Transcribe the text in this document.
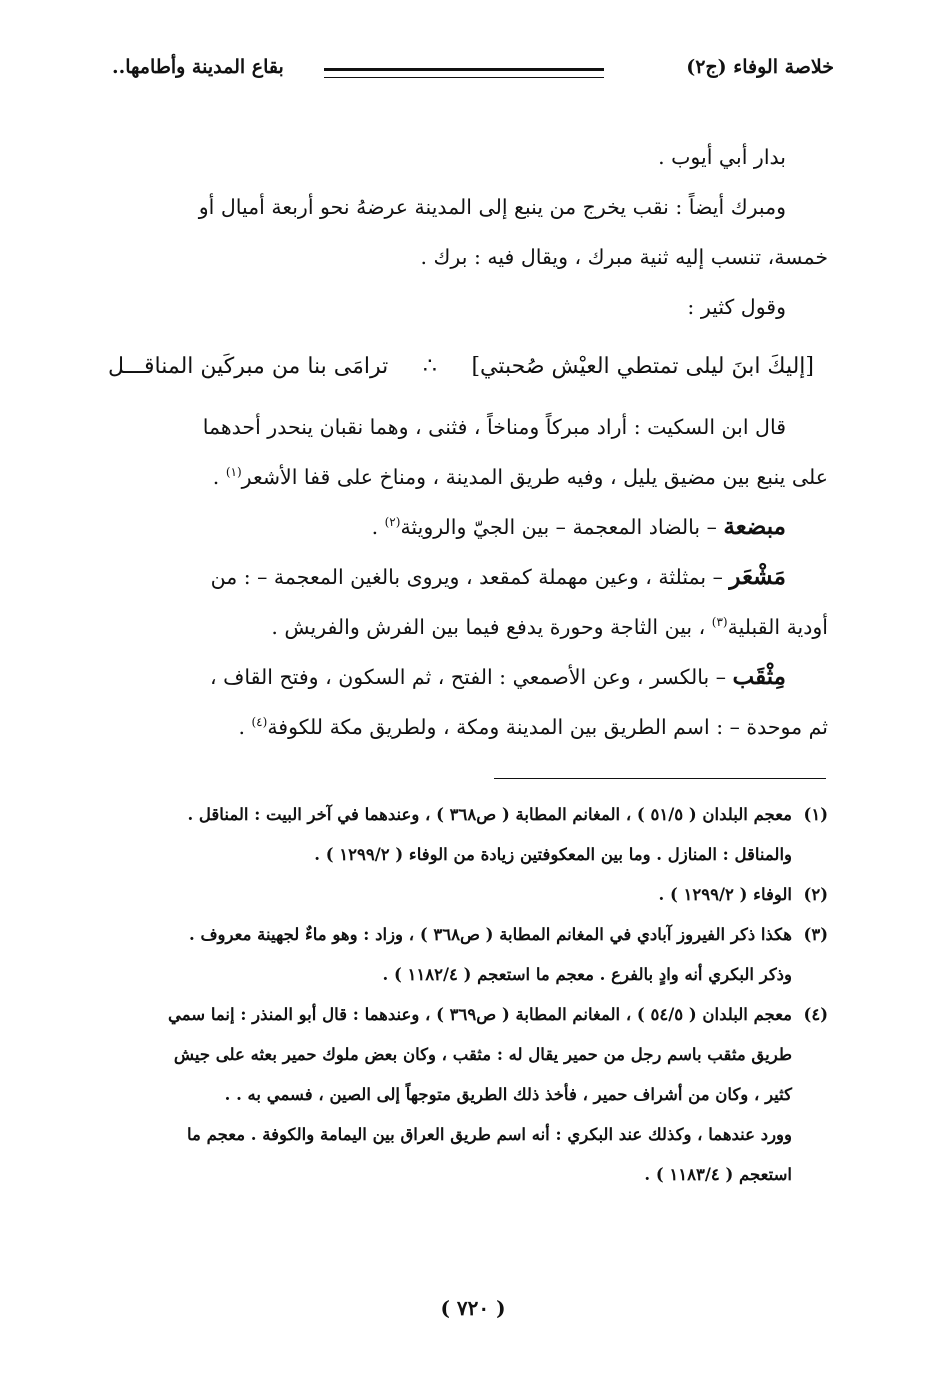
خلاصة الوفاء (ج٢)
بقاع المدينة وأطامها..
بدار أبي أيوب .
ومبرك أيضاً : نقب يخرج من ينبع إلى المدينة عرضهُ نحو أربعة أميال أو
خمسة، تنسب إليه ثنية مبرك ، ويقال فيه : برك .
وقول كثير :
[إليكَ ابنَ ليلى تمتطي العيْش صُحبتي]
∴
ترامَى بنا من مبركَين المناقـــل
قال ابن السكيت : أراد مبركاً ومناخاً ، فثنى ، وهما نقبان ينحدر أحدهما
على ينبع بين مضيق يليل ، وفيه طريق المدينة ، ومناخ على قفا الأشعر$^{(١)}$ .
مبضعة – بالضاد المعجمة – بين الجيّ والرويثة$^{(٢)}$ .
مَشْعَر – بمثلثة ، وعين مهملة كمقعد ، ويروى بالغين المعجمة – : من
أودية القبلية$^{(٣)}$ ، بين الثاجة وحورة يدفع فيما بين الفرش والفريش .
مِثْقَب – بالكسر ، وعن الأصمعي : الفتح ، ثم السكون ، وفتح القاف ،
ثم موحدة – : اسم الطريق بين المدينة ومكة ، ولطريق مكة للكوفة$^{(٤)}$ .
(١)
معجم البلدان ( ٥١/٥ ) ، المغانم المطابة ( ص٣٦٨ ) ، وعندهما في آخر البيت : المناقل .
والمناقل : المنازل . وما بين المعكوفتين زيادة من الوفاء ( ١٢٩٩/٢ ) .
(٢)
الوفاء ( ١٢٩٩/٢ ) .
(٣)
هكذا ذكر الفيروز آبادي في المغانم المطابة ( ص٣٦٨ ) ، وزاد : وهو ماءٌ لجهينة معروف .
وذكر البكري أنه وادٍ بالفرع . معجم ما استعجم ( ١١٨٢/٤ ) .
(٤)
معجم البلدان ( ٥٤/٥ ) ، المغانم المطابة ( ص٣٦٩ ) ، وعندهما : قال أبو المنذر : إنما سمي
طريق مثقب باسم رجل من حمير يقال له : مثقب ، وكان بعض ملوك حمير بعثه على جيش
كثير ، وكان من أشراف حمير ، فأخذ ذلك الطريق متوجهاً إلى الصين ، فسمي به . .
وورد عندهما ، وكذلك عند البكري : أنه اسم طريق العراق بين اليمامة والكوفة . معجم ما
استعجم ( ١١٨٣/٤ ) .
( ٧٢٠ )
